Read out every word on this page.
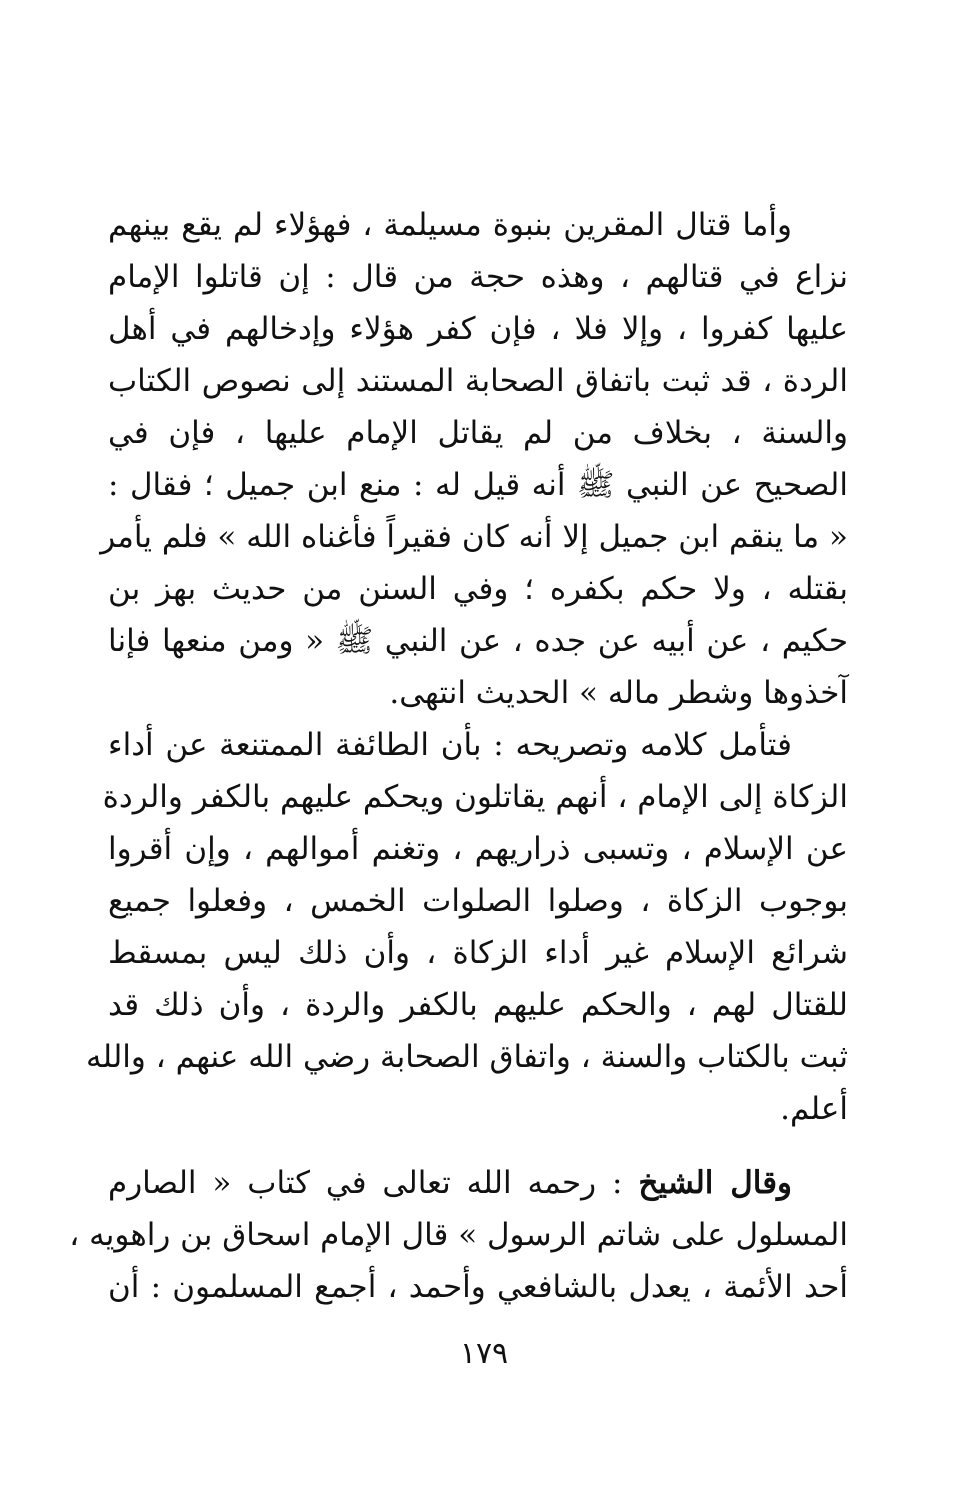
وأما قتال المقرين بنبوة مسيلمة ، فهؤلاء لم يقع بينهم
نزاع في قتالهم ، وهذه حجة من قال : إن قاتلوا الإمام
عليها كفروا ، وإلا فلا ، فإن كفر هؤلاء وإدخالهم في أهل
الردة ، قد ثبت باتفاق الصحابة المستند إلى نصوص الكتاب
والسنة ، بخلاف من لم يقاتل الإمام عليها ، فإن في
الصحيح عن النبي ﷺ أنه قيل له : منع ابن جميل ؛ فقال :
« ما ينقم ابن جميل إلا أنه كان فقيراً فأغناه الله » فلم يأمر
بقتله ، ولا حكم بكفره ؛ وفي السنن من حديث بهز بن
حكيم ، عن أبيه عن جده ، عن النبي ﷺ « ومن منعها فإنا
آخذوها وشطر ماله » الحديث انتهى.
فتأمل كلامه وتصريحه : بأن الطائفة الممتنعة عن أداء
الزكاة إلى الإمام ، أنهم يقاتلون ويحكم عليهم بالكفر والردة
عن الإسلام ، وتسبى ذراريهم ، وتغنم أموالهم ، وإن أقروا
بوجوب الزكاة ، وصلوا الصلوات الخمس ، وفعلوا جميع
شرائع الإسلام غير أداء الزكاة ، وأن ذلك ليس بمسقط
للقتال لهم ، والحكم عليهم بالكفر والردة ، وأن ذلك قد
ثبت بالكتاب والسنة ، واتفاق الصحابة رضي الله عنهم ، والله
أعلم.
وقال الشيخ : رحمه الله تعالى في كتاب « الصارم
المسلول على شاتم الرسول » قال الإمام اسحاق بن راهويه ،
أحد الأئمة ، يعدل بالشافعي وأحمد ، أجمع المسلمون : أن
١٧٩
